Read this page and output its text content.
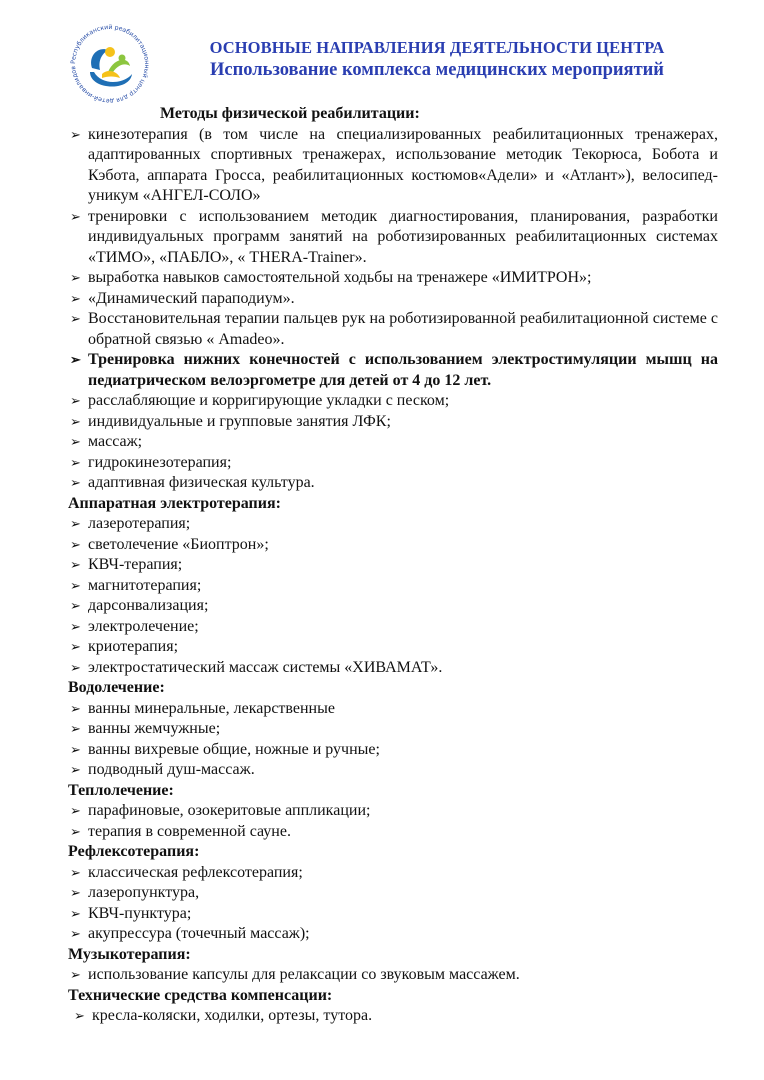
Республиканский реабилитационный центр для детей-инвалидов
ОСНОВНЫЕ НАПРАВЛЕНИЯ ДЕЯТЕЛЬНОСТИ ЦЕНТРА
Использование комплекса медицинских мероприятий
Методы физической реабилитации:
➢ кинезотерапия (в том числе на специализированных реабилитационных тренажерах, адаптированных спортивных тренажерах, использование методик Текорюса, Бобота и Кэбота, аппарата Гросса, реабилитационных костюмов«Адели» и «Атлант»), велосипед-уникум «АНГЕЛ-СОЛО»
➢ тренировки с использованием методик диагностирования, планирования, разработки индивидуальных программ занятий на роботизированных реабилитационных системах «ТИМО», «ПАБЛО», « THERA-Trainer».
➢ выработка навыков самостоятельной ходьбы на тренажере «ИМИТРОН»;
➢ «Динамический параподиум».
➢ Восстановительная терапии пальцев рук на роботизированной реабилитационной системе с обратной связью « Amadeo».
➢ Тренировка нижних конечностей с использованием электростимуляции мышц на педиатрическом велоэргометре для детей от 4 до 12 лет.
➢ расслабляющие и корригирующие укладки с песком;
➢ индивидуальные и групповые занятия ЛФК;
➢ массаж;
➢ гидрокинезотерапия;
➢ адаптивная физическая культура.
Аппаратная электротерапия:
➢ лазеротерапия;
➢ светолечение «Биоптрон»;
➢ КВЧ-терапия;
➢ магнитотерапия;
➢ дарсонвализация;
➢ электролечение;
➢ криотерапия;
➢ электростатический массаж системы «ХИВАМАТ».
Водолечение:
➢ ванны минеральные, лекарственные
➢ ванны жемчужные;
➢ ванны вихревые общие, ножные и ручные;
➢ подводный душ-массаж.
Теплолечение:
➢ парафиновые, озокеритовые аппликации;
➢ терапия в современной сауне.
Рефлексотерапия:
➢ классическая рефлексотерапия;
➢ лазеропунктура,
➢ КВЧ-пунктура;
➢ акупрессура (точечный массаж);
Музыкотерапия:
➢ использование капсулы для релаксации со звуковым массажем.
Технические средства компенсации:
➢ кресла-коляски, ходилки, ортезы, тутора.
